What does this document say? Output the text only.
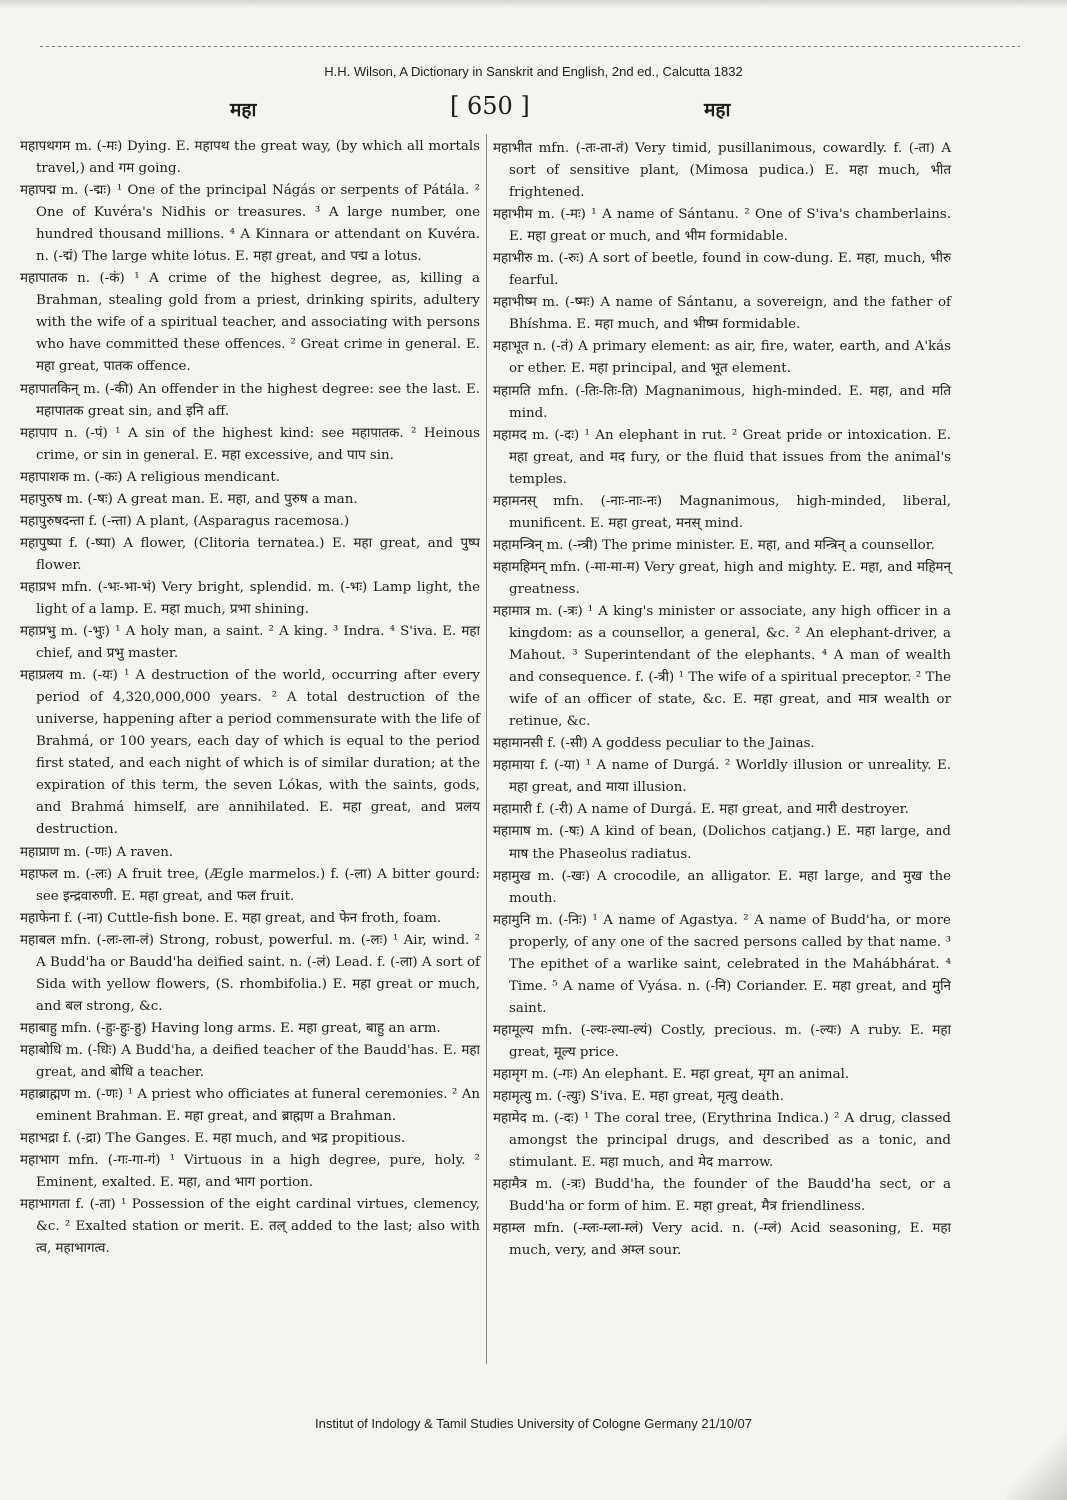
H.H. Wilson, A Dictionary in Sanskrit and English, 2nd ed., Calcutta 1832
महा	[ 650 ]	महा

महापथगम m. (-मः) Dying. E. महापथ the great way, (by which all mortals travel,) and गम going.

महापद्म m. (-द्मः) ¹ One of the principal Nágás or serpents of Pátála. ² One of Kuvéra's Nidhis or treasures. ³ A large number, one hundred thousand millions. ⁴ A Kinnara or attendant on Kuvéra. n. (-द्मं) The large white lotus. E. महा great, and पद्म a lotus.

महापातक n. (-कं) ¹ A crime of the highest degree, as, killing a Brahman, stealing gold from a priest, drinking spirits, adultery with the wife of a spiritual teacher, and associating with persons who have committed these offences. ² Great crime in general. E. महा great, पातक offence.

महापातकिन् m. (-की) An offender in the highest degree: see the last. E. महापातक great sin, and इनि aff.

महापाप n. (-पं) ¹ A sin of the highest kind: see महापातक. ² Heinous crime, or sin in general. E. महा excessive, and पाप sin.

महापाशक m. (-कः) A religious mendicant.

महापुरुष m. (-षः) A great man. E. महा, and पुरुष a man.

महापुरुषदन्ता f. (-न्ता) A plant, (Asparagus racemosa.)

महापुष्पा f. (-ष्पा) A flower, (Clitoria ternatea.) E. महा great, and पुष्प flower.

महाप्रभ mfn. (-भः-भा-भं) Very bright, splendid. m. (-भः) Lamp light, the light of a lamp. E. महा much, प्रभा shining.

महाप्रभु m. (-भुः) ¹ A holy man, a saint. ² A king. ³ Indra. ⁴ S'iva. E. महा chief, and प्रभु master.

महाप्रलय m. (-यः) ¹ A destruction of the world, occurring after every period of 4,320,000,000 years. ² A total destruction of the universe, happening after a period commensurate with the life of Brahmá, or 100 years, each day of which is equal to the period first stated, and each night of which is of similar duration; at the expiration of this term, the seven Lókas, with the saints, gods, and Brahmá himself, are annihilated. E. महा great, and प्रलय destruction.

महाप्राण m. (-णः) A raven.

महाफल m. (-लः) A fruit tree, (Ægle marmelos.) f. (-ला) A bitter gourd: see इन्द्रवारुणी. E. महा great, and फल fruit.

महाफेना f. (-ना) Cuttle-fish bone. E. महा great, and फेन froth, foam.

महाबल mfn. (-लः-ला-लं) Strong, robust, powerful. m. (-लः) ¹ Air, wind. ² A Budd'ha or Baudd'ha deified saint. n. (-लं) Lead. f. (-ला) A sort of Sida with yellow flowers, (S. rhombifolia.) E. महा great or much, and बल strong, &c.

महाबाहु mfn. (-हुः-हुः-हु) Having long arms. E. महा great, बाहु an arm.

महाबोधि m. (-धिः) A Budd'ha, a deified teacher of the Baudd'has. E. महा great, and बोधि a teacher.

महाब्राह्मण m. (-णः) ¹ A priest who officiates at funeral ceremonies. ² An eminent Brahman. E. महा great, and ब्राह्मण a Brahman.

महाभद्रा f. (-द्रा) The Ganges. E. महा much, and भद्र propitious.

महाभाग mfn. (-गः-गा-गं) ¹ Virtuous in a high degree, pure, holy. ² Eminent, exalted. E. महा, and भाग portion.

महाभागता f. (-ता) ¹ Possession of the eight cardinal virtues, clemency, &c. ² Exalted station or merit. E. तल् added to the last; also with त्व, महाभागत्व.

महाभीत mfn. (-तः-ता-तं) Very timid, pusillanimous, cowardly. f. (-ता) A sort of sensitive plant, (Mimosa pudica.) E. महा much, भीत frightened.

महाभीम m. (-मः) ¹ A name of Sántanu. ² One of S'iva's chamberlains. E. महा great or much, and भीम formidable.

महाभीरु m. (-रुः) A sort of beetle, found in cow-dung. E. महा, much, भीरु fearful.

महाभीष्म m. (-ष्मः) A name of Sántanu, a sovereign, and the father of Bhíshma. E. महा much, and भीष्म formidable.

महाभूत n. (-तं) A primary element: as air, fire, water, earth, and A'kás or ether. E. महा principal, and भूत element.

महामति mfn. (-तिः-तिः-ति) Magnanimous, high-minded. E. महा, and मति mind.

महामद m. (-दः) ¹ An elephant in rut. ² Great pride or intoxication. E. महा great, and मद fury, or the fluid that issues from the animal's temples.

महामनस् mfn. (-नाः-नाः-नः) Magnanimous, high-minded, liberal, munificent. E. महा great, मनस् mind.

महामन्त्रिन् m. (-न्त्री) The prime minister. E. महा, and मन्त्रिन् a counsellor.

महामहिमन् mfn. (-मा-मा-म) Very great, high and mighty. E. महा, and महिमन् greatness.

महामात्र m. (-त्रः) ¹ A king's minister or associate, any high officer in a kingdom: as a counsellor, a general, &c. ² An elephant-driver, a Mahout. ³ Superintendant of the elephants. ⁴ A man of wealth and consequence. f. (-त्री) ¹ The wife of a spiritual preceptor. ² The wife of an officer of state, &c. E. महा great, and मात्र wealth or retinue, &c.

महामानसी f. (-सी) A goddess peculiar to the Jainas.

महामाया f. (-या) ¹ A name of Durgá. ² Worldly illusion or unreality. E. महा great, and माया illusion.

महामारी f. (-री) A name of Durgá. E. महा great, and मारी destroyer.

महामाष m. (-षः) A kind of bean, (Dolichos catjang.) E. महा large, and माष the Phaseolus radiatus.

महामुख m. (-खः) A crocodile, an alligator. E. महा large, and मुख the mouth.

महामुनि m. (-निः) ¹ A name of Agastya. ² A name of Budd'ha, or more properly, of any one of the sacred persons called by that name. ³ The epithet of a warlike saint, celebrated in the Mahábhárat. ⁴ Time. ⁵ A name of Vyása. n. (-नि) Coriander. E. महा great, and मुनि saint.

महामूल्य mfn. (-ल्यः-ल्या-ल्यं) Costly, precious. m. (-ल्यः) A ruby. E. महा great, मूल्य price.

महामृग m. (-गः) An elephant. E. महा great, मृग an animal.

महामृत्यु m. (-त्युः) S'iva. E. महा great, मृत्यु death.

महामेद m. (-दः) ¹ The coral tree, (Erythrina Indica.) ² A drug, classed amongst the principal drugs, and described as a tonic, and stimulant. E. महा much, and मेद marrow.

महामैत्र m. (-त्रः) Budd'ha, the founder of the Baudd'ha sect, or a Budd'ha or form of him. E. महा great, मैत्र friendliness.

महाम्ल mfn. (-म्लः-म्ला-म्लं) Very acid. n. (-म्लं) Acid seasoning, E. महा much, very, and अम्ल sour.

Institut of Indology & Tamil Studies University of Cologne Germany 21/10/07
